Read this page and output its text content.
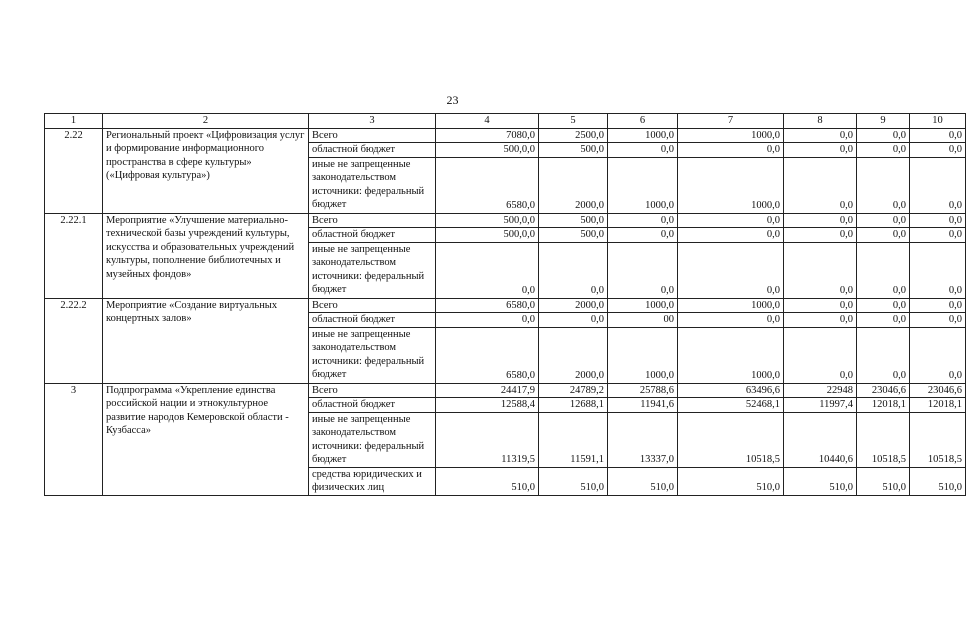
23
1	2	3	4	5	6	7	8	9	10
2.22	Региональный проект «Цифровизация услуг и формирование информационного пространства в сфере культуры» («Цифровая культура»)	Всего	7080,0	2500,0	1000,0	1000,0	0,0	0,0	0,0
		областной бюджет	500,0,0	500,0	0,0	0,0	0,0	0,0	0,0
		иные не запрещенные законодательством источники: федеральный бюджет	6580,0	2000,0	1000,0	1000,0	0,0	0,0	0,0
2.22.1	Мероприятие «Улучшение материально-технической базы учреждений культуры, искусства и образовательных учреждений культуры, пополнение библиотечных и музейных фондов»	Всего	500,0,0	500,0	0,0	0,0	0,0	0,0	0,0
		областной бюджет	500,0,0	500,0	0,0	0,0	0,0	0,0	0,0
		иные не запрещенные законодательством источники: федеральный бюджет	0,0	0,0	0,0	0,0	0,0	0,0	0,0
2.22.2	Мероприятие «Создание виртуальных концертных залов»	Всего	6580,0	2000,0	1000,0	1000,0	0,0	0,0	0,0
		областной бюджет	0,0	0,0	00	0,0	0,0	0,0	0,0
		иные не запрещенные законодательством источники: федеральный бюджет	6580,0	2000,0	1000,0	1000,0	0,0	0,0	0,0
3	Подпрограмма «Укрепление единства российской нации и этнокультурное развитие народов Кемеровской области - Кузбасса»	Всего	24417,9	24789,2	25788,6	63496,6	22948	23046,6	23046,6
		областной бюджет	12588,4	12688,1	11941,6	52468,1	11997,4	12018,1	12018,1
		иные не запрещенные законодательством источники: федеральный бюджет	11319,5	11591,1	13337,0	10518,5	10440,6	10518,5	10518,5
		средства юридических и физических лиц	510,0	510,0	510,0	510,0	510,0	510,0	510,0
